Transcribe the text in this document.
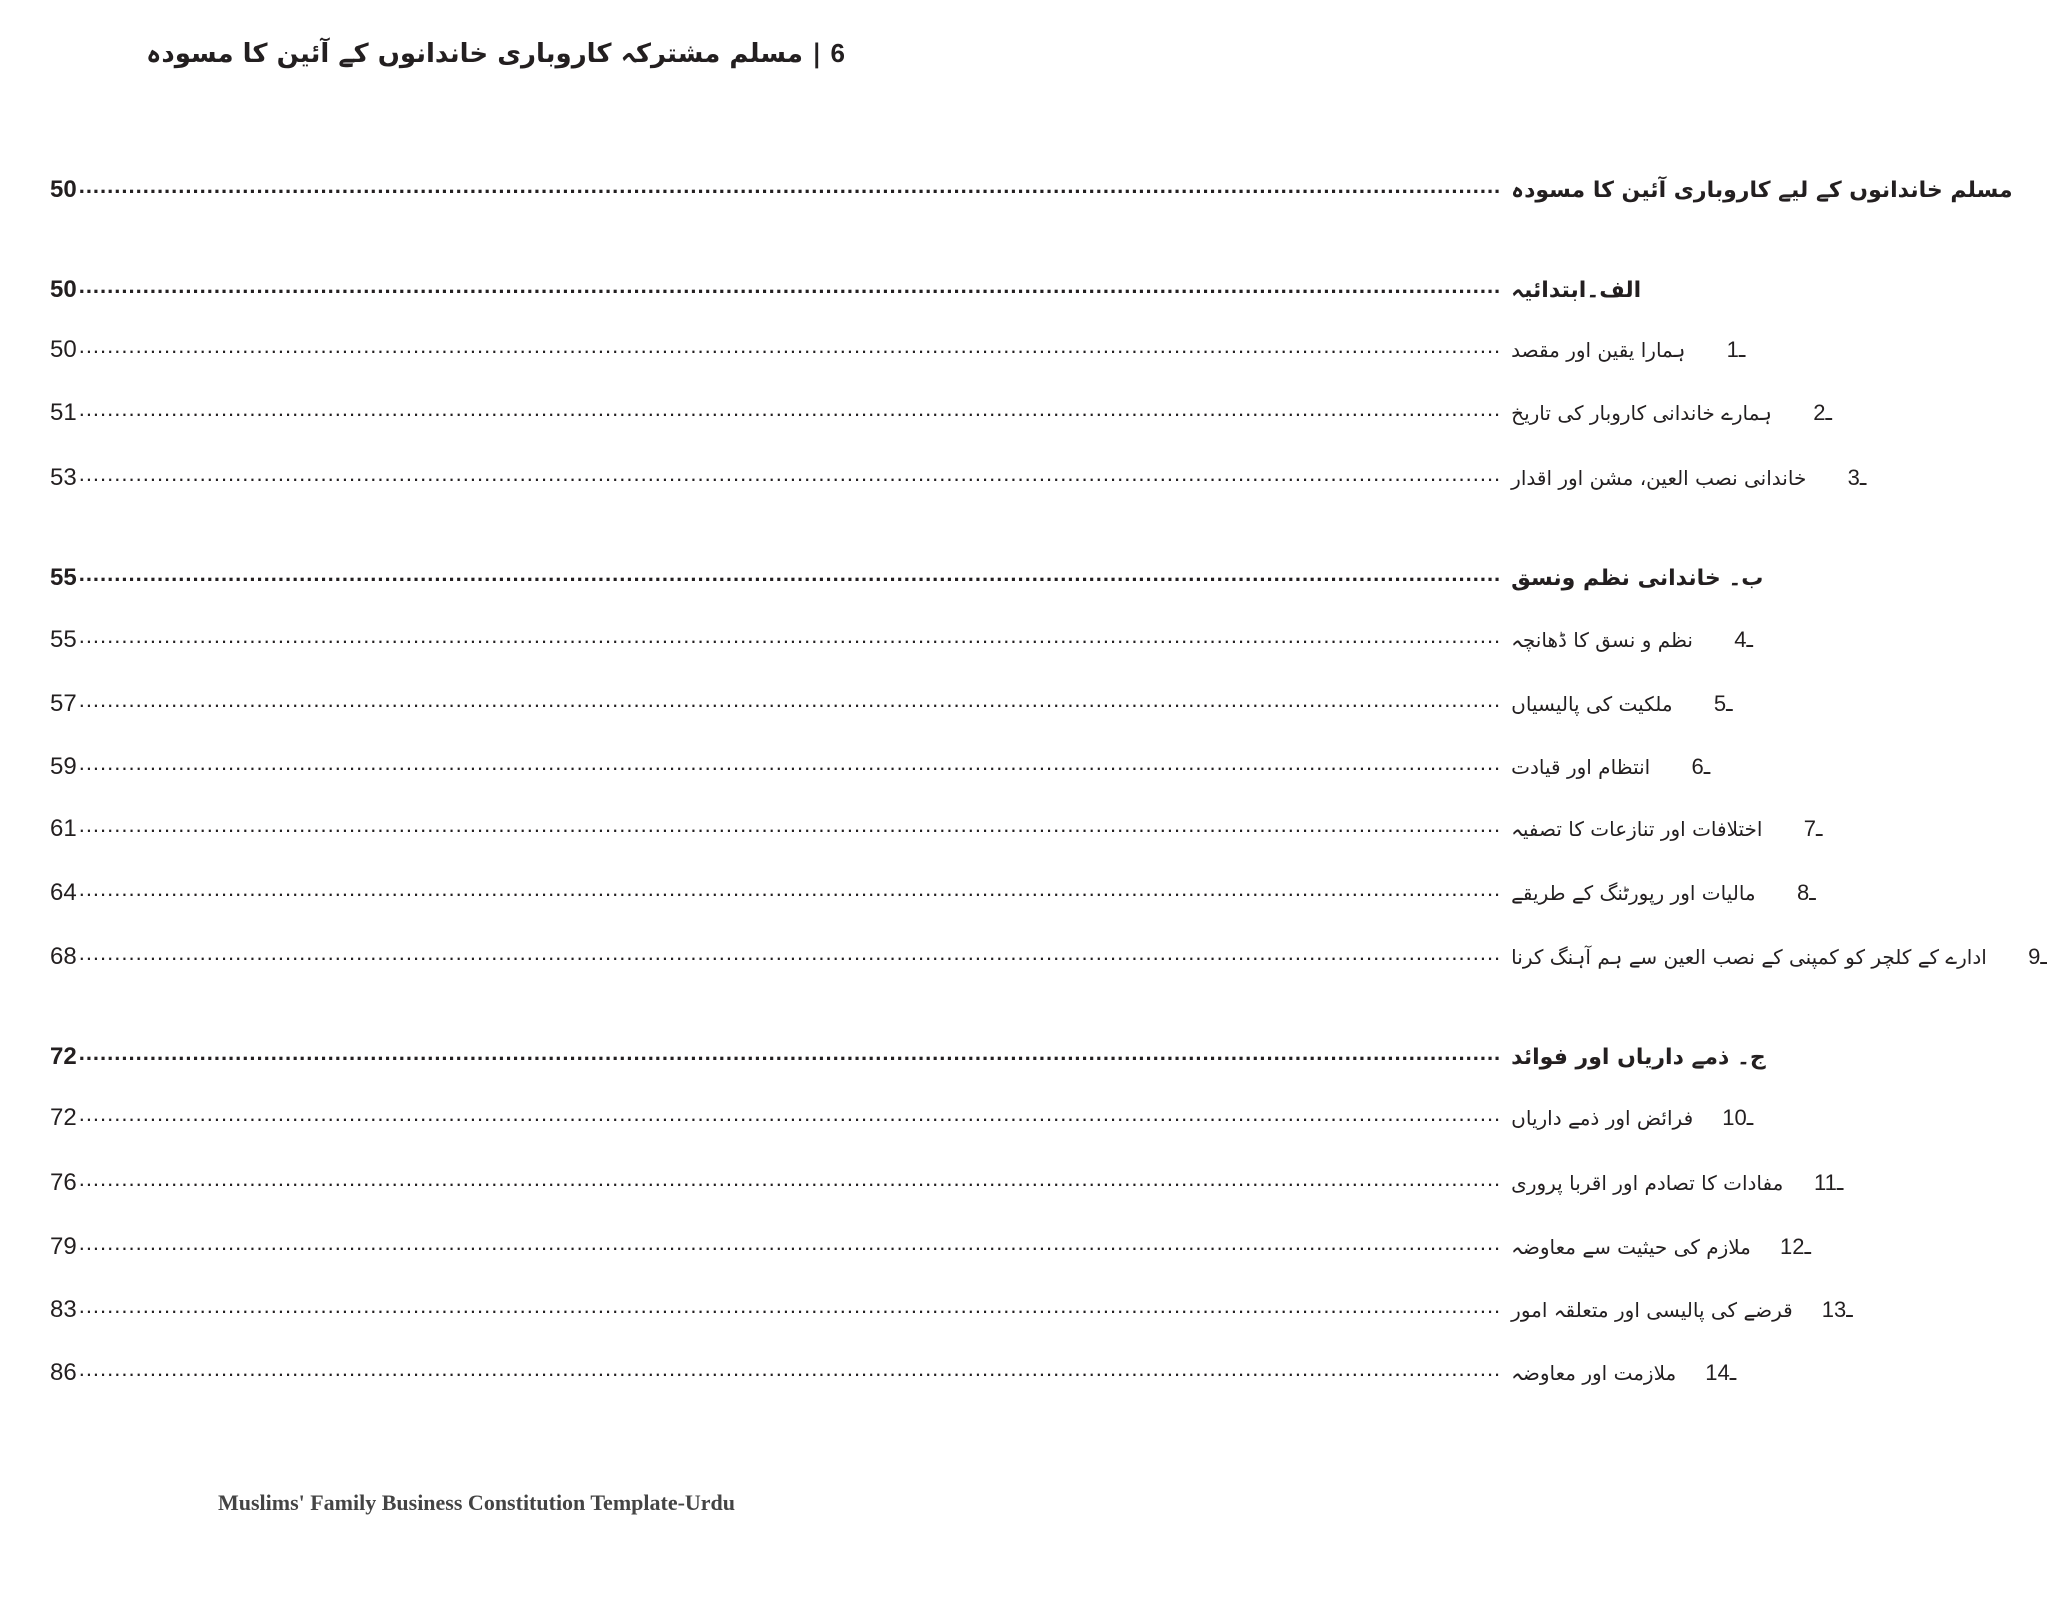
6 | مسلم مشترکہ کاروباری خاندانوں کے آئین کا مسودہ
50 ........................................................................................................................................................................................................ مسلم خاندانوں کے لیے کاروباری آئین کا مسودہ
50 ........................................................................................................................................................................................................ الف۔ابتدائیہ
50 ........................................................................................................................................................................................................ ہمارا یقین اور مقصد	1ـ
51 ........................................................................................................................................................................................................ ہمارے خاندانی کاروبار کی تاریخ	2ـ
53 ........................................................................................................................................................................................................ خاندانی نصب العین، مشن اور اقدار	3ـ
55 ........................................................................................................................................................................................................ ب۔ خاندانی نظم ونسق
55 ........................................................................................................................................................................................................ نظم و نسق کا ڈھانچہ	4ـ
57 ........................................................................................................................................................................................................ ملکیت کی پالیسیاں	5ـ
59 ........................................................................................................................................................................................................ انتظام اور قیادت	6ـ
61 ........................................................................................................................................................................................................ اختلافات اور تنازعات کا تصفیہ	7ـ
64 ........................................................................................................................................................................................................ مالیات اور رپورٹنگ کے طریقے	8ـ
68 ........................................................................................................................................................................................................ ادارے کے کلچر کو کمپنی کے نصب العین سے ہم آہنگ کرنا	9ـ
72 ........................................................................................................................................................................................................ ج۔ ذمے داریاں اور فوائد
72 ........................................................................................................................................................................................................ فرائض اور ذمے داریاں 10ـ
76 ........................................................................................................................................................................................................ مفادات کا تصادم اور اقربا پروری 11ـ
79 ........................................................................................................................................................................................................ ملازم کی حیثیت سے معاوضہ 12ـ
83 ........................................................................................................................................................................................................ قرضے کی پالیسی اور متعلقہ امور 13ـ
86 ........................................................................................................................................................................................................ ملازمت اور معاوضہ 14ـ
Muslims' Family Business Constitution Template-Urdu
